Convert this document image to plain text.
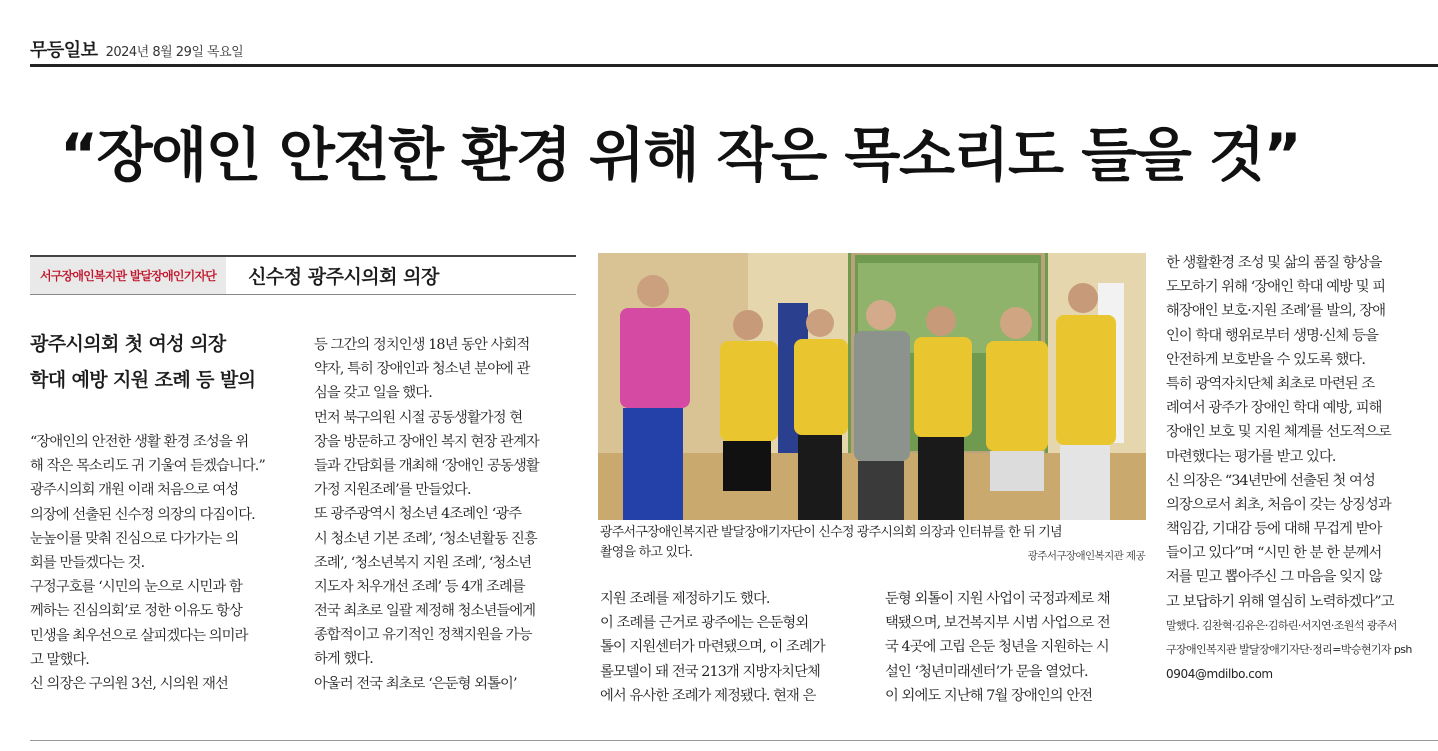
무등일보 2024년 8월 29일 목요일
“장애인 안전한 환경 위해 작은 목소리도 들을 것”
서구장애인복지관 발달장애인기자단	신수정 광주시의회 의장
광주시의회 첫 여성 의장
학대 예방 지원 조례 등 발의
“장애인의 안전한 생활 환경 조성을 위
해 작은 목소리도 귀 기울여 듣겠습니다.”
광주시의회 개원 이래 처음으로 여성
의장에 선출된 신수정 의장의 다짐이다.
눈높이를 맞춰 진심으로 다가가는 의
회를 만들겠다는 것.
구정구호를 ‘시민의 눈으로 시민과 함
께하는 진심의회’로 정한 이유도 항상
민생을 최우선으로 살피겠다는 의미라
고 말했다.
신 의장은 구의원 3선, 시의원 재선
등 그간의 정치인생 18년 동안 사회적
약자, 특히 장애인과 청소년 분야에 관
심을 갖고 일을 했다.
먼저 북구의원 시절 공동생활가정 현
장을 방문하고 장애인 복지 현장 관계자
들과 간담회를 개최해 ‘장애인 공동생활
가정 지원조례’를 만들었다.
또 광주광역시 청소년 4조례인 ‘광주
시 청소년 기본 조례’, ‘청소년활동 진흥
조례’, ‘청소년복지 지원 조례’, ‘청소년
지도자 처우개선 조례’ 등 4개 조례를
전국 최초로 일괄 제정해 청소년들에게
종합적이고 유기적인 정책지원을 가능
하게 했다.
아울러 전국 최초로 ‘은둔형 외톨이’
지원 조례를 제정하기도 했다.
이 조례를 근거로 광주에는 은둔형외
톨이 지원센터가 마련됐으며, 이 조례가
롤모델이 돼 전국 213개 지방자치단체
에서 유사한 조례가 제정됐다. 현재 은
둔형 외톨이 지원 사업이 국정과제로 채
택됐으며, 보건복지부 시범 사업으로 전
국 4곳에 고립 은둔 청년을 지원하는 시
설인 ‘청년미래센터’가 문을 열었다.
이 외에도 지난해 7월 장애인의 안전
한 생활환경 조성 및 삶의 품질 향상을
도모하기 위해 ‘장애인 학대 예방 및 피
해장애인 보호·지원 조례’를 발의, 장애
인이 학대 행위로부터 생명·신체 등을
안전하게 보호받을 수 있도록 했다.
특히 광역자치단체 최초로 마련된 조
례여서 광주가 장애인 학대 예방, 피해
장애인 보호 및 지원 체계를 선도적으로
마련했다는 평가를 받고 있다.
신 의장은 “34년만에 선출된 첫 여성
의장으로서 최초, 처음이 갖는 상징성과
책임감, 기대감 등에 대해 무겁게 받아
들이고 있다”며 “시민 한 분 한 분께서
저를 믿고 뽑아주신 그 마음을 잊지 않
고 보답하기 위해 열심히 노력하겠다”고
말했다. 김찬혁·김유은·김하린·서지연·조원석 광주서
구장애인복지관 발달장애기자단·정리=박승현기자 psh
0904@mdilbo.com
광주서구장애인복지관 발달장애기자단이 신수정 광주시의회 의장과 인터뷰를 한 뒤 기념
촬영을 하고 있다.	광주서구장애인복지관 제공
